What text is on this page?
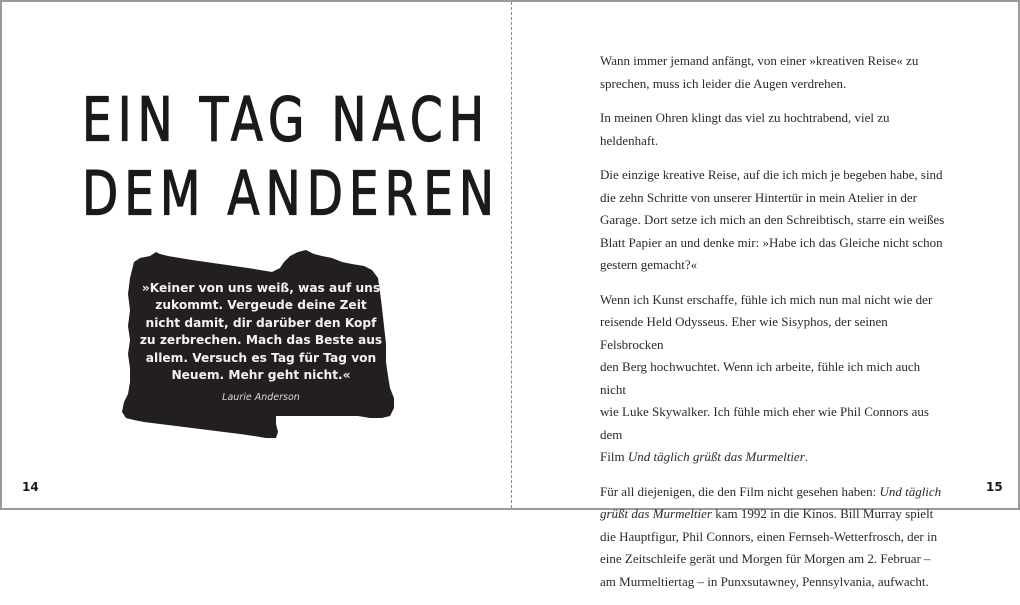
EIN TAG NACH
DEM ANDEREN
»Keiner von uns weiß, was auf uns
zukommt. Vergeude deine Zeit
nicht damit, dir darüber den Kopf
zu zerbrechen. Mach das Beste aus
allem. Versuch es Tag für Tag von
Neuem. Mehr geht nicht.«
Laurie Anderson
14

Wann immer jemand anfängt, von einer »kreativen Reise« zu
sprechen, muss ich leider die Augen verdrehen.

In meinen Ohren klingt das viel zu hochtrabend, viel zu heldenhaft.

Die einzige kreative Reise, auf die ich mich je begeben habe, sind
die zehn Schritte von unserer Hintertür in mein Atelier in der
Garage. Dort setze ich mich an den Schreibtisch, starre ein weißes
Blatt Papier an und denke mir: »Habe ich das Gleiche nicht schon
gestern gemacht?«

Wenn ich Kunst erschaffe, fühle ich mich nun mal nicht wie der
reisende Held Odysseus. Eher wie Sisyphos, der seinen Felsbrocken
den Berg hochwuchtet. Wenn ich arbeite, fühle ich mich auch nicht
wie Luke Skywalker. Ich fühle mich eher wie Phil Connors aus dem
Film Und täglich grüßt das Murmeltier.

Für all diejenigen, die den Film nicht gesehen haben: Und täglich
grüßt das Murmeltier kam 1992 in die Kinos. Bill Murray spielt
die Hauptfigur, Phil Connors, einen Fernseh-Wetterfrosch, der in
eine Zeitschleife gerät und Morgen für Morgen am 2. Februar –
am Murmeltiertag – in Punxsutawney, Pennsylvania, aufwacht.

15
